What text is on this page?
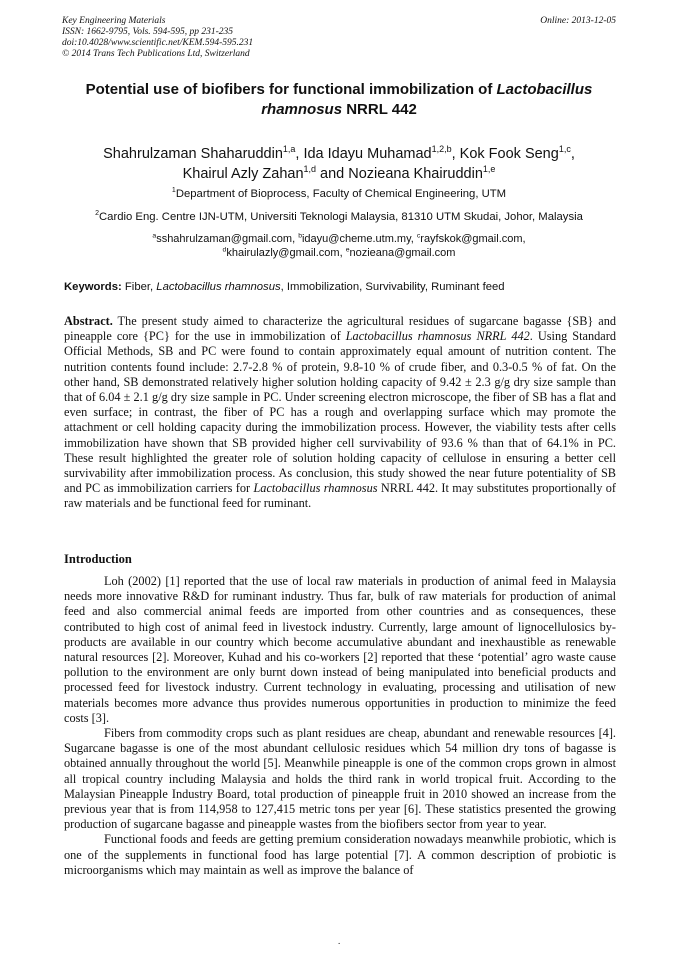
Key Engineering Materials
ISSN: 1662-9795, Vols. 594-595, pp 231-235
doi:10.4028/www.scientific.net/KEM.594-595.231
© 2014 Trans Tech Publications Ltd, Switzerland
Online: 2013-12-05
Potential use of biofibers for functional immobilization of Lactobacillus rhamnosus NRRL 442
Shahrulzaman Shaharuddin$^{1,a}$, Ida Idayu Muhamad$^{1,2,b}$, Kok Fook Seng$^{1,c}$,
Khairul Azly Zahan$^{1,d}$ and Nozieana Khairuddin$^{1,e}$
$^1$Department of Bioprocess, Faculty of Chemical Engineering, UTM
$^2$Cardio Eng. Centre IJN-UTM, Universiti Teknologi Malaysia, 81310 UTM Skudai, Johor, Malaysia
$^a$sshahrulzaman@gmail.com, $^b$idayu@cheme.utm.my, $^c$rayfskok@gmail.com,
$^d$khairulazly@gmail.com, $^e$nozieana@gmail.com
Keywords: Fiber, Lactobacillus rhamnosus, Immobilization, Survivability, Ruminant feed
Abstract. The present study aimed to characterize the agricultural residues of sugarcane bagasse {SB} and pineapple core {PC} for the use in immobilization of Lactobacillus rhamnosus NRRL 442. Using Standard Official Methods, SB and PC were found to contain approximately equal amount of nutrition content. The nutrition contents found include: 2.7-2.8 % of protein, 9.8-10 % of crude fiber, and 0.3-0.5 % of fat. On the other hand, SB demonstrated relatively higher solution holding capacity of 9.42 ± 2.3 g/g dry size sample than that of 6.04 ± 2.1 g/g dry size sample in PC. Under screening electron microscope, the fiber of SB has a flat and even surface; in contrast, the fiber of PC has a rough and overlapping surface which may promote the attachment or cell holding capacity during the immobilization process. However, the viability tests after cells immobilization have shown that SB provided higher cell survivability of 93.6 % than that of 64.1% in PC. These result highlighted the greater role of solution holding capacity of cellulose in ensuring a better cell survivability after immobilization process. As conclusion, this study showed the near future potentiality of SB and PC as immobilization carriers for Lactobacillus rhamnosus NRRL 442. It may substitutes proportionally of raw materials and be functional feed for ruminant.
Introduction

Loh (2002) [1] reported that the use of local raw materials in production of animal feed in Malaysia needs more innovative R&D for ruminant industry. Thus far, bulk of raw materials for production of animal feed and also commercial animal feeds are imported from other countries and as consequences, these contributed to high cost of animal feed in livestock industry. Currently, large amount of lignocellulosics by-products are available in our country which become accumulative abundant and inexhaustible as renewable natural resources [2]. Moreover, Kuhad and his co-workers [2] reported that these ‘potential’ agro waste cause pollution to the environment are only burnt down instead of being manipulated into beneficial products and processed feed for livestock industry. Current technology in evaluating, processing and utilisation of new materials becomes more advance thus provides numerous opportunities in production to minimize the feed costs [3].

Fibers from commodity crops such as plant residues are cheap, abundant and renewable resources [4]. Sugarcane bagasse is one of the most abundant cellulosic residues which 54 million dry tons of bagasse is obtained annually throughout the world [5]. Meanwhile pineapple is one of the common crops grown in almost all tropical country including Malaysia and holds the third rank in world tropical fruit. According to the Malaysian Pineapple Industry Board, total production of pineapple fruit in 2010 showed an increase from the previous year that is from 114,958 to 127,415 metric tons per year [6]. These statistics presented the growing production of sugarcane bagasse and pineapple wastes from the biofibers sector from year to year.

Functional foods and feeds are getting premium consideration nowadays meanwhile probiotic, which is one of the supplements in functional food has large potential [7]. A common description of probiotic is microorganisms which may maintain as well as improve the balance of

.
